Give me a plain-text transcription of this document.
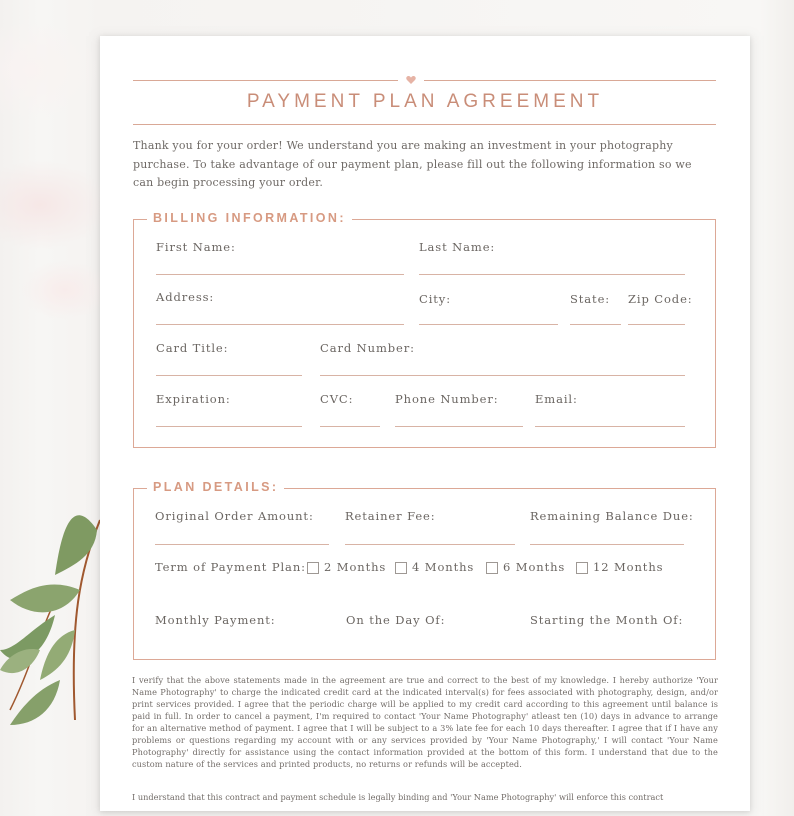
PAYMENT PLAN AGREEMENT
Thank you for your order! We understand you are making an investment in your photography purchase. To take advantage of our payment plan, please fill out the following information so we can begin processing your order.
BILLING INFORMATION:
First Name:	Last Name:
Address:	City:	State: Zip Code:
Card Title:	Card Number:
Expiration:	CVC:	Phone Number:	Email:
PLAN DETAILS:
Original Order Amount:	Retainer Fee:	Remaining Balance Due:
Term of Payment Plan: 2 Months 4 Months	6 Months 12 Months
Monthly Payment:	On the Day Of:	Starting the Month Of:
I verify that the above statements made in the agreement are true and correct to the best of my knowledge. I hereby authorize 'Your Name Photography' to charge the indicated credit card at the indicated interval(s) for fees associated with photography, design, and/or print services provided. I agree that the periodic charge will be applied to my credit card according to this agreement until balance is paid in full. In order to cancel a payment, I'm required to contact 'Your Name Photography' atleast ten (10) days in advance to arrange for an alternative method of payment. I agree that I will be subject to a 3% late fee for each 10 days thereafter. I agree that if I have any problems or questions regarding my account with or any services provided by 'Your Name Photography,' I will contact 'Your Name Photography' directly for assistance using the contact information provided at the bottom of this form. I understand that due to the custom nature of the services and printed products, no returns or refunds will be accepted.
I understand that this contract and payment schedule is legally binding and 'Your Name Photography' will enforce this contract
